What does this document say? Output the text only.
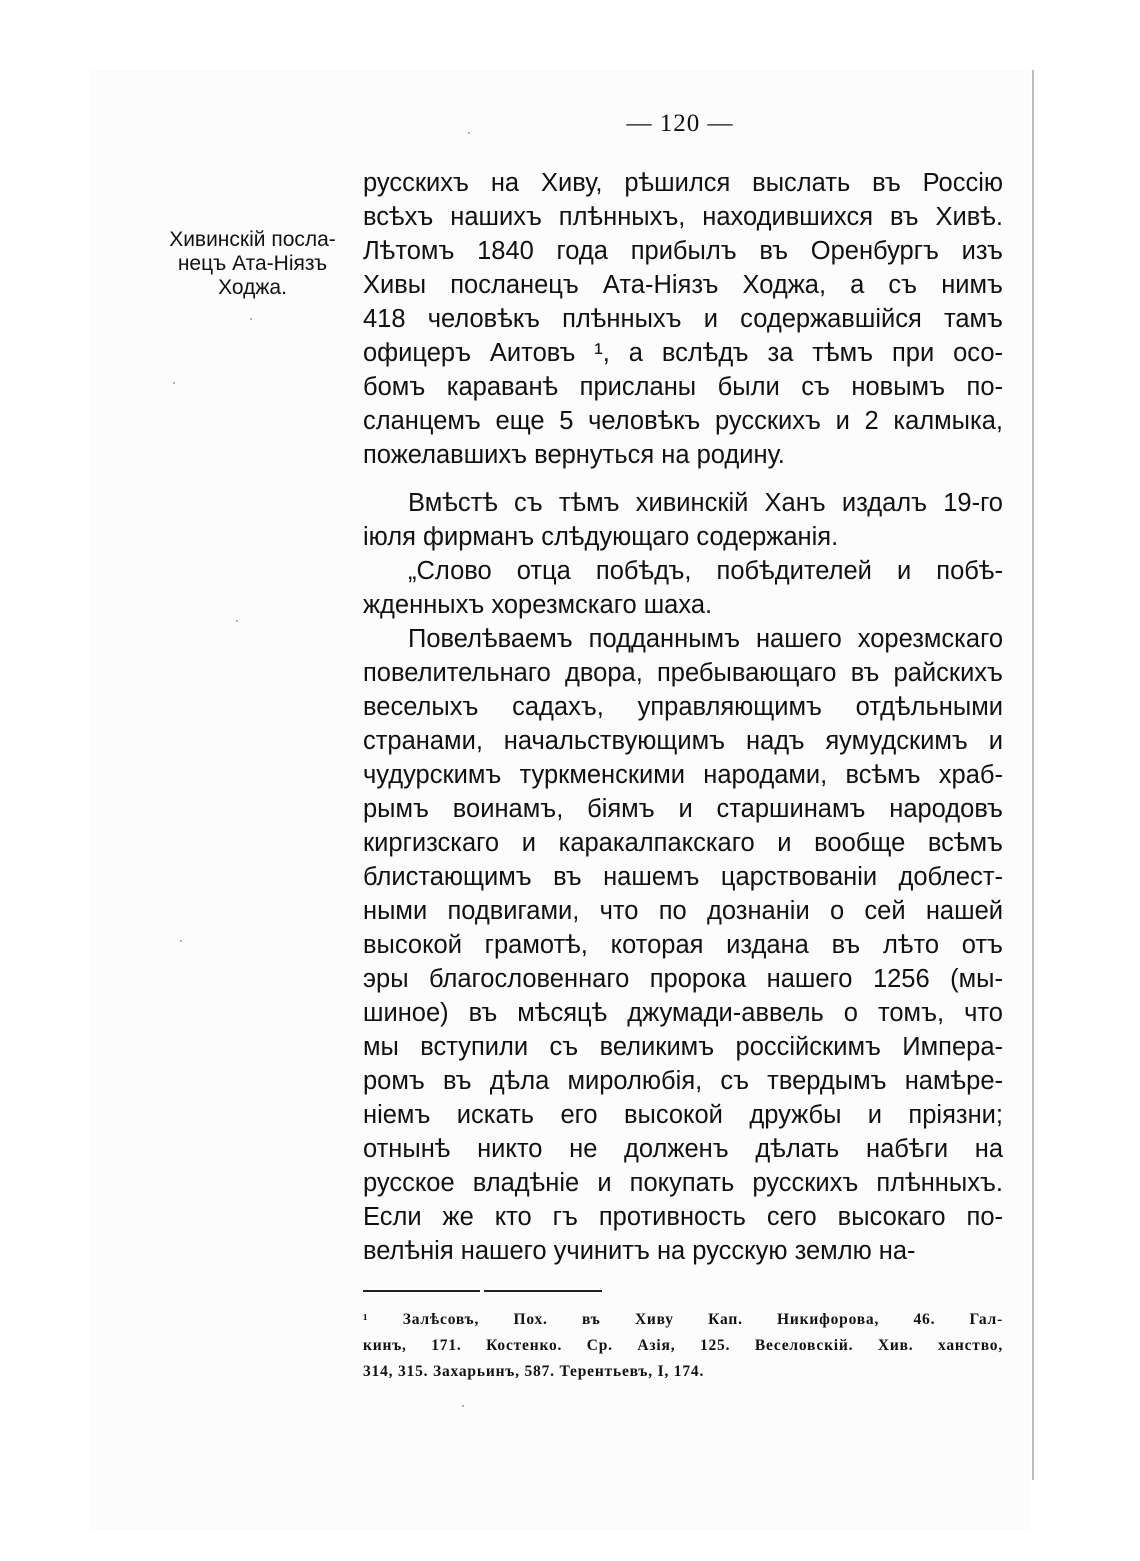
— 120 —
Хивинскій посла-
нецъ Ата-Ніязъ
Ходжа.
русскихъ на Хиву, рѣшился выслать въ Россію
всѣхъ нашихъ плѣнныхъ, находившихся въ Хивѣ.
Лѣтомъ 1840 года прибылъ въ Оренбургъ изъ
Хивы посланецъ Ата-Ніязъ Ходжа, а съ нимъ
418 человѣкъ плѣнныхъ и содержавшійся тамъ
офицеръ Аитовъ ¹, а вслѣдъ за тѣмъ при осо-
бомъ караванѣ присланы были съ новымъ по-
сланцемъ еще 5 человѣкъ русскихъ и 2 калмыка,
пожелавшихъ вернуться на родину.
Вмѣстѣ съ тѣмъ хивинскій Ханъ издалъ 19-го
іюля фирманъ слѣдующаго содержанія.
„Слово отца побѣдъ, побѣдителей и побѣ-
жденныхъ хорезмскаго шаха.
Повелѣваемъ подданнымъ нашего хорезмскаго
повелительнаго двора, пребывающаго въ райскихъ
веселыхъ садахъ, управляющимъ отдѣльными
странами, начальствующимъ надъ яумудскимъ и
чудурскимъ туркменскими народами, всѣмъ храб-
рымъ воинамъ, біямъ и старшинамъ народовъ
киргизскаго и каракалпакскаго и вообще всѣмъ
блистающимъ въ нашемъ царствованіи доблест-
ными подвигами, что по дознаніи о сей нашей
высокой грамотѣ, которая издана въ лѣто отъ
эры благословеннаго пророка нашего 1256 (мы-
шиное) въ мѣсяцѣ джумади-аввель о томъ, что
мы вступили съ великимъ россійскимъ Импера-
ромъ въ дѣла миролюбія, съ твердымъ намѣре-
ніемъ искать его высокой дружбы и пріязни;
отнынѣ никто не долженъ дѣлать набѣги на
русское владѣніе и покупать русскихъ плѣнныхъ.
Если же кто гъ противность сего высокаго по-
велѣнія нашего учинитъ на русскую землю на-
¹ Залѣсовъ, Пох. въ Хиву Кап. Никифорова, 46. Гал-
кинъ, 171. Костенко. Ср. Азія, 125. Веселовскій. Хив. ханство,
314, 315. Захарьинъ, 587. Терентьевъ, I, 174.
